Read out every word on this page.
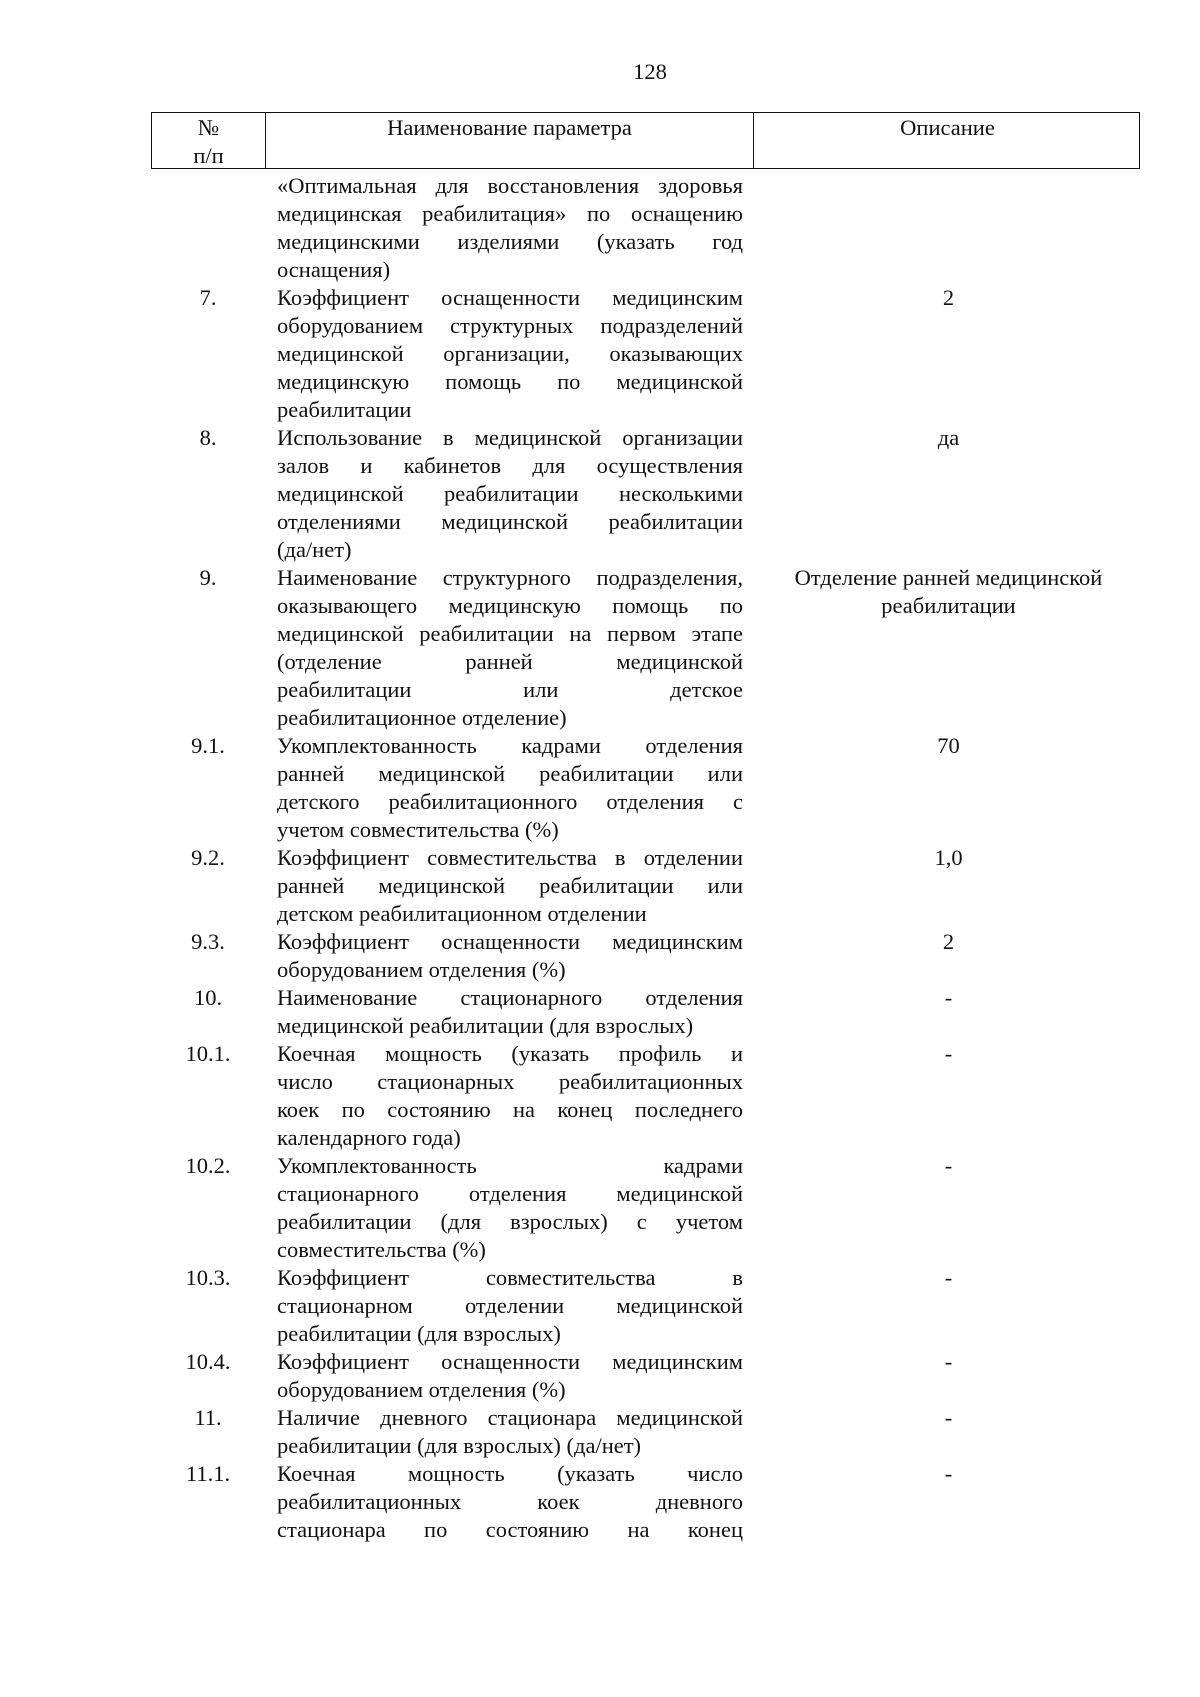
128
№
п/п
Наименование параметра	Описание
«Оптимальная для восстановления здоровья
медицинская реабилитация» по оснащению
медицинскими изделиями (указать год
оснащения)
7.	Коэффициент оснащенности медицинским
оборудованием структурных подразделений
медицинской организации, оказывающих
медицинскую помощь по медицинской
реабилитации
2
8.	Использование в медицинской организации
залов и кабинетов для осуществления
медицинской реабилитации несколькими
отделениями медицинской реабилитации
(да/нет)
да
9.	Наименование структурного подразделения,
оказывающего медицинскую помощь по
медицинской реабилитации на первом этапе
(отделение ранней медицинской
реабилитации или детское
реабилитационное отделение)
Отделение ранней медицинской
реабилитации
9.1.	Укомплектованность кадрами отделения
ранней медицинской реабилитации или
детского реабилитационного отделения с
учетом совместительства (%)
70
9.2.	Коэффициент совместительства в отделении
ранней медицинской реабилитации или
детском реабилитационном отделении
1,0
9.3.	Коэффициент оснащенности медицинским
оборудованием отделения (%)
2
10.	Наименование стационарного отделения
медицинской реабилитации (для взрослых)
-
10.1.	Коечная мощность (указать профиль и
число стационарных реабилитационных
коек по состоянию на конец последнего
календарного года)
-
10.2.	Укомплектованность кадрами
стационарного отделения медицинской
реабилитации (для взрослых) с учетом
совместительства (%)
-
10.3.	Коэффициент совместительства в
стационарном отделении медицинской
реабилитации (для взрослых)
-
10.4.	Коэффициент оснащенности медицинским
оборудованием отделения (%)
-
11.	Наличие дневного стационара медицинской
реабилитации (для взрослых) (да/нет)
-
11.1.	Коечная мощность (указать число
реабилитационных коек дневного
стационара по состоянию на конец
-
